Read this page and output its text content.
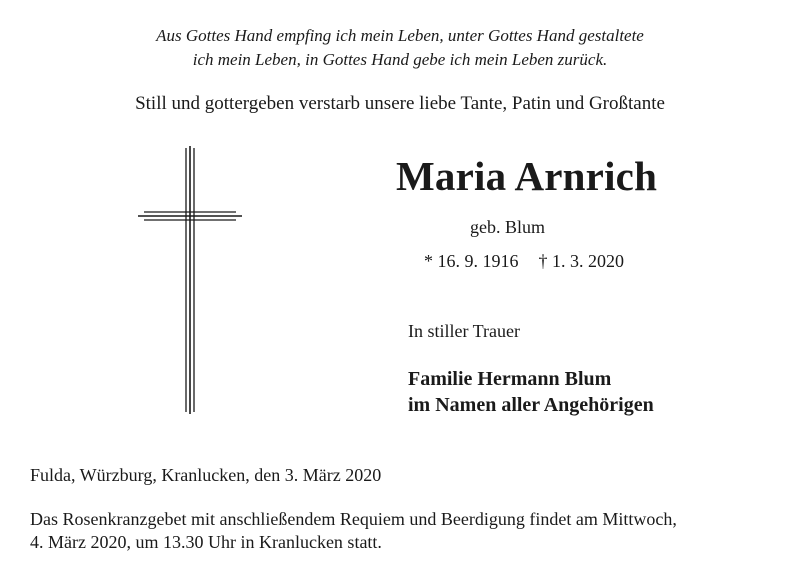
Aus Gottes Hand empfing ich mein Leben, unter Gottes Hand gestaltete
ich mein Leben, in Gottes Hand gebe ich mein Leben zurück.
Still und gottergeben verstarb unsere liebe Tante, Patin und Großtante
Maria Arnrich
geb. Blum
* 16. 9. 1916 † 1. 3. 2020
In stiller Trauer
Familie Hermann Blum
im Namen aller Angehörigen
Fulda, Würzburg, Kranlucken, den 3. März 2020
Das Rosenkranzgebet mit anschließendem Requiem und Beerdigung findet am Mittwoch,
4. März 2020, um 13.30 Uhr in Kranlucken statt.
